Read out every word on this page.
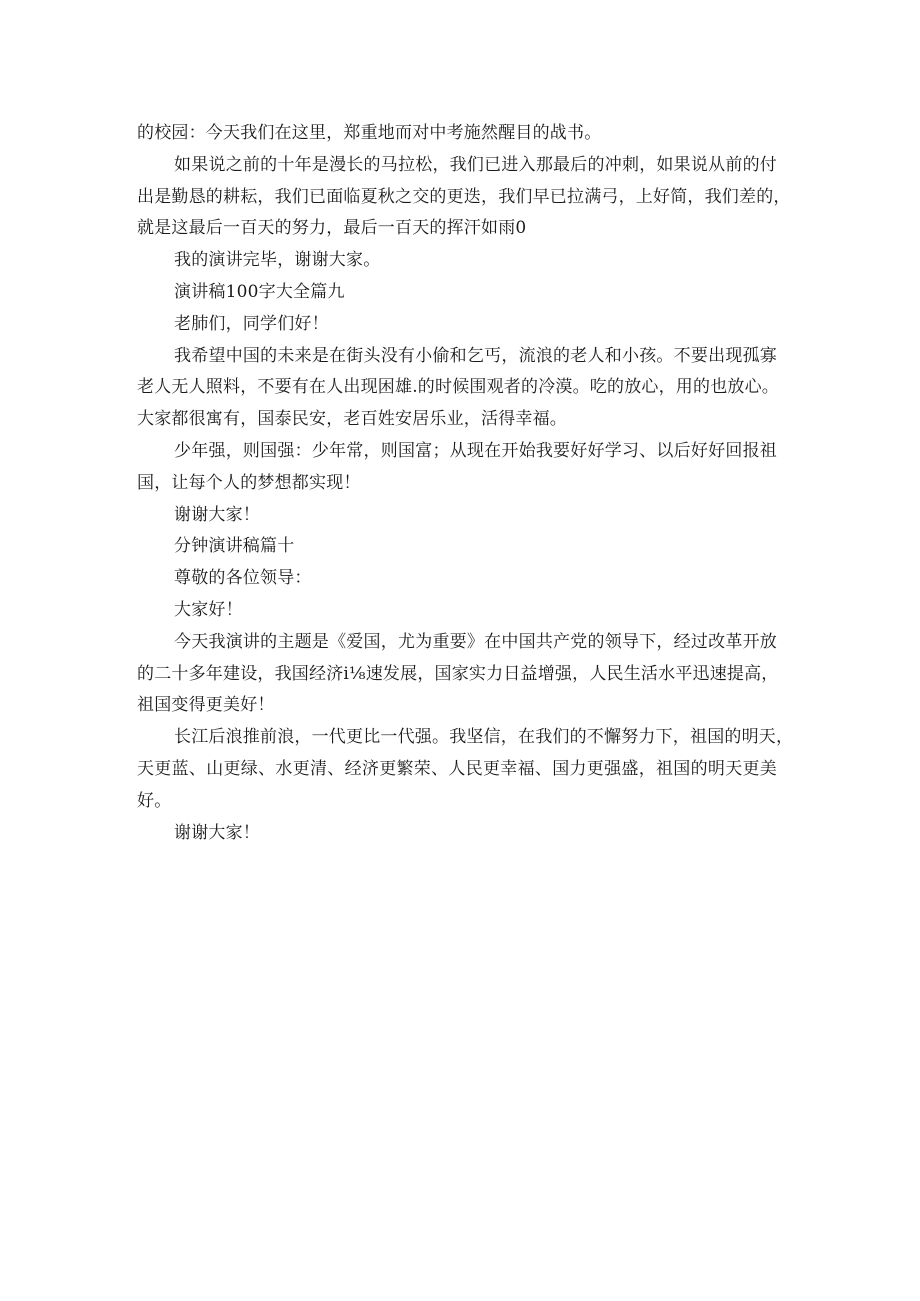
的校园：今天我们在这里，郑重地而对中考施然醒目的战书。
如果说之前的十年是漫长的马拉松，我们已进入那最后的冲刺，如果说从前的付
出是勤恳的耕耘，我们已面临夏秋之交的更迭，我们早已拉满弓，上好简，我们差的，
就是这最后一百天的努力，最后一百天的挥汗如雨0
我的演讲完毕，谢谢大家。
演讲稿100字大全篇九
老肺们，同学们好！
我希望中国的未来是在街头没有小偷和乞丐，流浪的老人和小孩。不要出现孤寡
老人无人照料，不要有在人出现困雄.的时候围观者的冷漠。吃的放心，用的也放心。
大家都很寓有，国泰民安，老百姓安居乐业，活得幸福。
少年强，则国强：少年常，则国富；从现在开始我要好好学习、以后好好回报祖
国，让每个人的梦想都实现！
谢谢大家！
分钟演讲稿篇十
尊敬的各位领导：
大家好！
今天我演讲的主题是《爱国，尤为重要》在中国共产党的领导下，经过改革开放
的二十多年建设，我国经济i⅛速发展，国家实力日益增强，人民生活水平迅速提高，
祖国变得更美好！
长江后浪推前浪，一代更比一代强。我坚信，在我们的不懈努力下，祖国的明天，
天更蓝、山更绿、水更清、经济更繁荣、人民更幸福、国力更强盛，祖国的明天更美
好。
谢谢大家！
